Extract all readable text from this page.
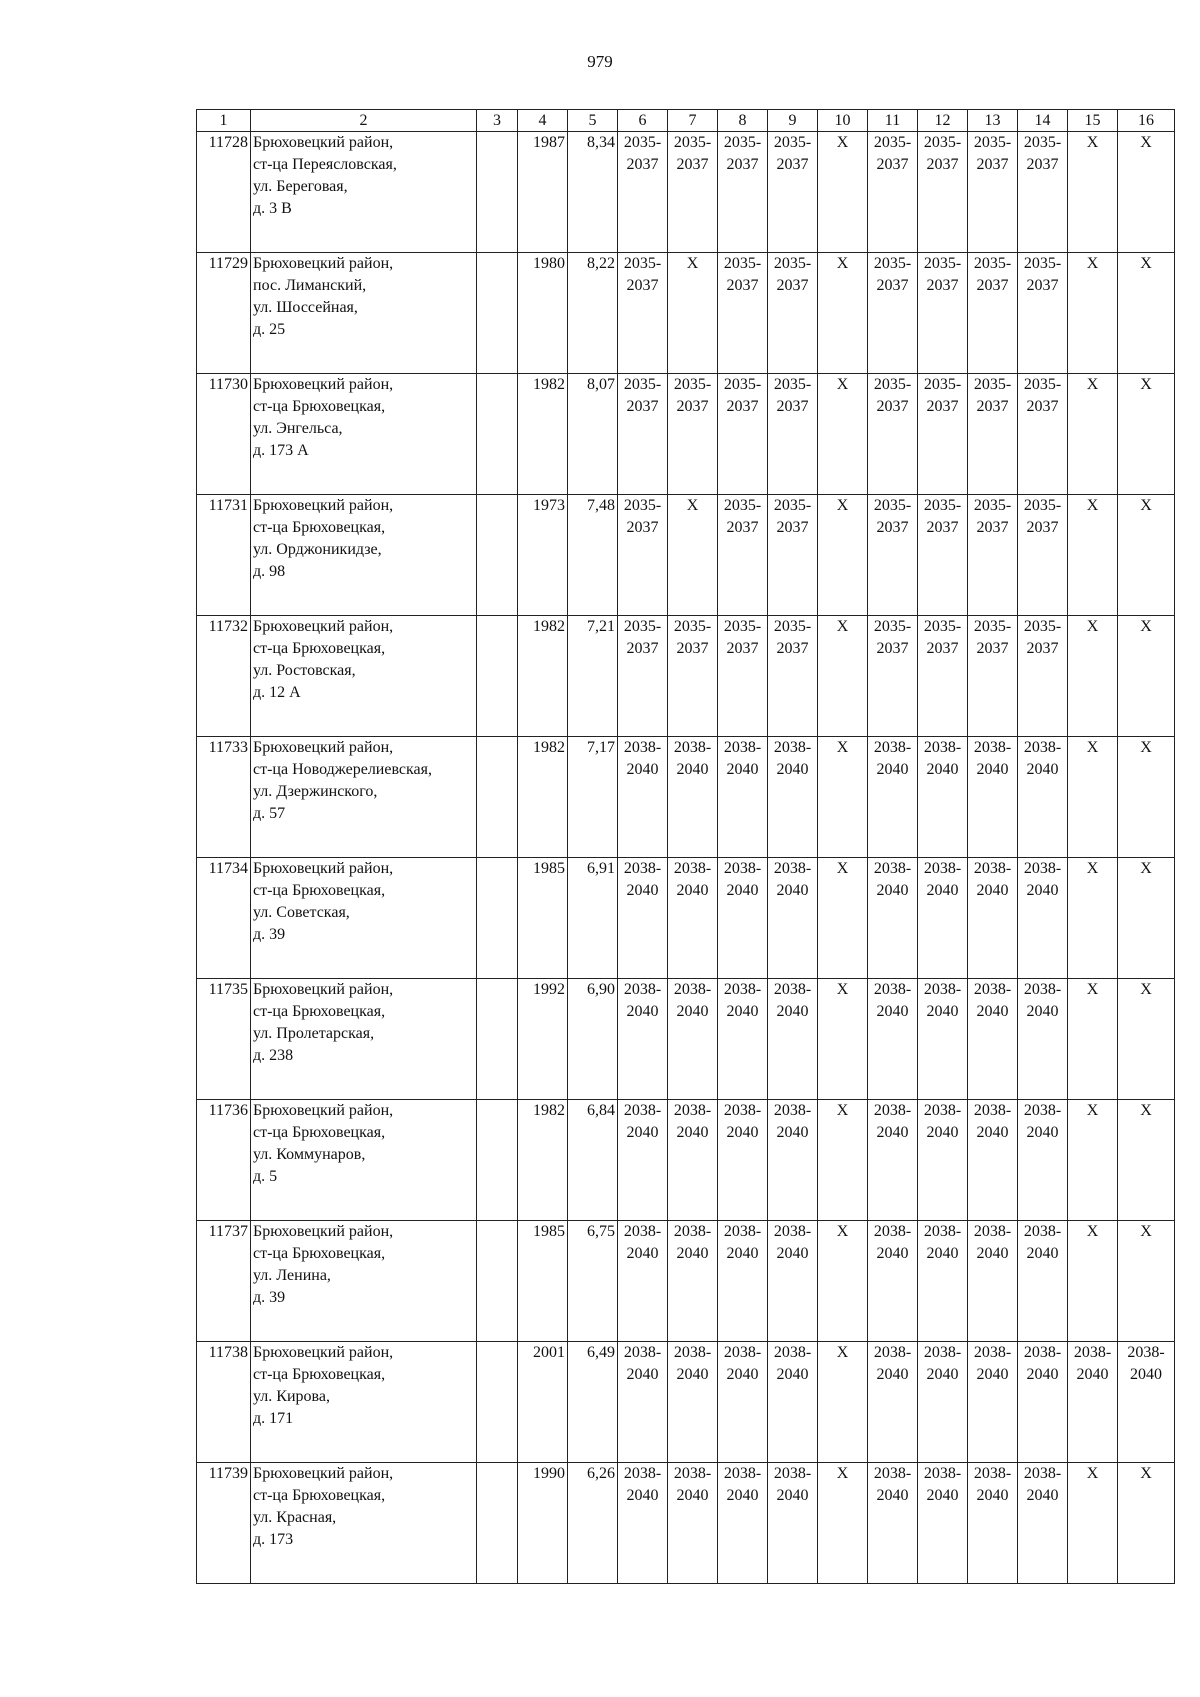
979
1	2	3	4	5	6	7	8	9	10	11	12	13	14	15	16
11728	Брюховецкий район,
ст-ца Переясловская,
ул. Береговая,
д. 3 В		1987	8,34	2035-
2037	2035-
2037	2035-
2037	2035-
2037	X	2035-
2037	2035-
2037	2035-
2037	2035-
2037	X	X
11729	Брюховецкий район,
пос. Лиманский,
ул. Шоссейная,
д. 25		1980	8,22	2035-
2037	X	2035-
2037	2035-
2037	X	2035-
2037	2035-
2037	2035-
2037	2035-
2037	X	X
11730	Брюховецкий район,
ст-ца Брюховецкая,
ул. Энгельса,
д. 173 А		1982	8,07	2035-
2037	2035-
2037	2035-
2037	2035-
2037	X	2035-
2037	2035-
2037	2035-
2037	2035-
2037	X	X
11731	Брюховецкий район,
ст-ца Брюховецкая,
ул. Орджоникидзе,
д. 98		1973	7,48	2035-
2037	X	2035-
2037	2035-
2037	X	2035-
2037	2035-
2037	2035-
2037	2035-
2037	X	X
11732	Брюховецкий район,
ст-ца Брюховецкая,
ул. Ростовская,
д. 12 А		1982	7,21	2035-
2037	2035-
2037	2035-
2037	2035-
2037	X	2035-
2037	2035-
2037	2035-
2037	2035-
2037	X	X
11733	Брюховецкий район,
ст-ца Новоджерелиевская,
ул. Дзержинского,
д. 57		1982	7,17	2038-
2040	2038-
2040	2038-
2040	2038-
2040	X	2038-
2040	2038-
2040	2038-
2040	2038-
2040	X	X
11734	Брюховецкий район,
ст-ца Брюховецкая,
ул. Советская,
д. 39		1985	6,91	2038-
2040	2038-
2040	2038-
2040	2038-
2040	X	2038-
2040	2038-
2040	2038-
2040	2038-
2040	X	X
11735	Брюховецкий район,
ст-ца Брюховецкая,
ул. Пролетарская,
д. 238		1992	6,90	2038-
2040	2038-
2040	2038-
2040	2038-
2040	X	2038-
2040	2038-
2040	2038-
2040	2038-
2040	X	X
11736	Брюховецкий район,
ст-ца Брюховецкая,
ул. Коммунаров,
д. 5		1982	6,84	2038-
2040	2038-
2040	2038-
2040	2038-
2040	X	2038-
2040	2038-
2040	2038-
2040	2038-
2040	X	X
11737	Брюховецкий район,
ст-ца Брюховецкая,
ул. Ленина,
д. 39		1985	6,75	2038-
2040	2038-
2040	2038-
2040	2038-
2040	X	2038-
2040	2038-
2040	2038-
2040	2038-
2040	X	X
11738	Брюховецкий район,
ст-ца Брюховецкая,
ул. Кирова,
д. 171		2001	6,49	2038-
2040	2038-
2040	2038-
2040	2038-
2040	X	2038-
2040	2038-
2040	2038-
2040	2038-
2040	2038-
2040	2038-
2040

11739	Брюховецкий район,
ст-ца Брюховецкая,
ул. Красная,
д. 173		1990	6,26	2038-
2040	2038-
2040	2038-
2040	2038-
2040	X	2038-
2040	2038-
2040	2038-
2040	2038-
2040	X	X
